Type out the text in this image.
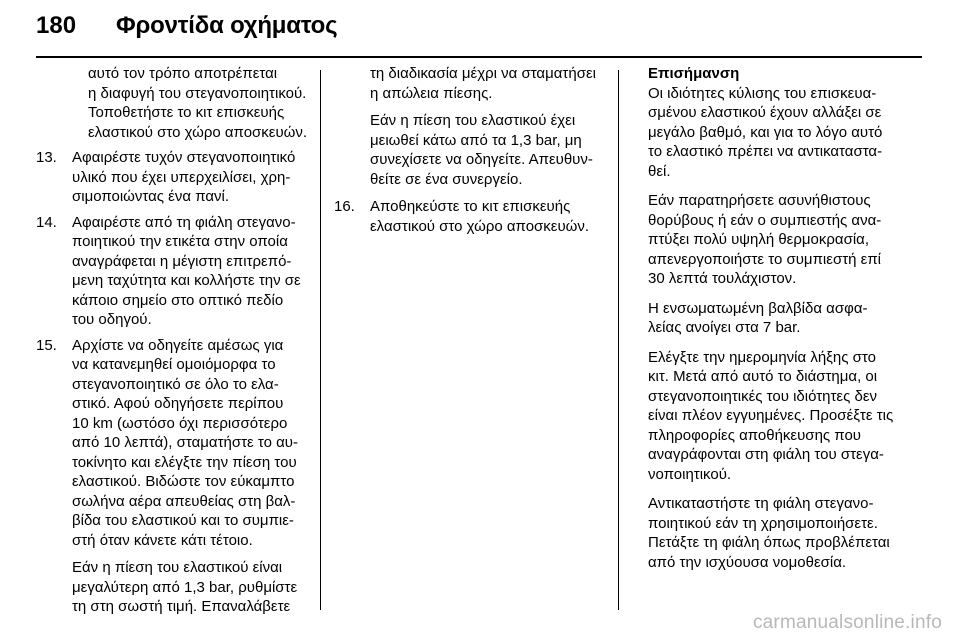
180	Φροντίδα οχήματος
αυτό τον τρόπο αποτρέπεται
η διαφυγή του στεγανοποιητικού.
Τοποθετήστε το κιτ επισκευής
ελαστικού στο χώρο αποσκευών.
13.	Αφαιρέστε τυχόν στεγανοποιητικό
υλικό που έχει υπερχειλίσει, χρη-
σιμοποιώντας ένα πανί.
14.	Αφαιρέστε από τη φιάλη στεγανο-
ποιητικού την ετικέτα στην οποία
αναγράφεται η μέγιστη επιτρεπό-
μενη ταχύτητα και κολλήστε την σε
κάποιο σημείο στο οπτικό πεδίο
του οδηγού.
15.	Αρχίστε να οδηγείτε αμέσως για
να κατανεμηθεί ομοιόμορφα το
στεγανοποιητικό σε όλο το ελα-
στικό. Αφού οδηγήσετε περίπου
10 km (ωστόσο όχι περισσότερο
από 10 λεπτά), σταματήστε το αυ-
τοκίνητο και ελέγξτε την πίεση του
ελαστικού. Βιδώστε τον εύκαμπτο
σωλήνα αέρα απευθείας στη βαλ-
βίδα του ελαστικού και το συμπιε-
στή όταν κάνετε κάτι τέτοιο.

Εάν η πίεση του ελαστικού είναι
μεγαλύτερη από 1,3 bar, ρυθμίστε
τη στη σωστή τιμή. Επαναλάβετε

τη διαδικασία μέχρι να σταματήσει
η απώλεια πίεσης.
Εάν η πίεση του ελαστικού έχει
μειωθεί κάτω από τα 1,3 bar, μη
συνεχίσετε να οδηγείτε. Απευθυν-
θείτε σε ένα συνεργείο.
16.	Αποθηκεύστε το κιτ επισκευής
ελαστικού στο χώρο αποσκευών.
Επισήμανση

Οι ιδιότητες κύλισης του επισκευα-
σμένου ελαστικού έχουν αλλάξει σε
μεγάλο βαθμό, και για το λόγο αυτό
το ελαστικό πρέπει να αντικαταστα-
θεί.

Εάν παρατηρήσετε ασυνήθιστους
θορύβους ή εάν ο συμπιεστής ανα-
πτύξει πολύ υψηλή θερμοκρασία,
απενεργοποιήστε το συμπιεστή επί
30 λεπτά τουλάχιστον.

Η ενσωματωμένη βαλβίδα ασφα-
λείας ανοίγει στα 7 bar.

Ελέγξτε την ημερομηνία λήξης στο
κιτ. Μετά από αυτό το διάστημα, οι
στεγανοποιητικές του ιδιότητες δεν
είναι πλέον εγγυημένες. Προσέξτε τις
πληροφορίες αποθήκευσης που
αναγράφονται στη φιάλη του στεγα-
νοποιητικού.

Αντικαταστήστε τη φιάλη στεγανο-
ποιητικού εάν τη χρησιμοποιήσετε.
Πετάξτε τη φιάλη όπως προβλέπεται
από την ισχύουσα νομοθεσία.

carmanualsonline.info
